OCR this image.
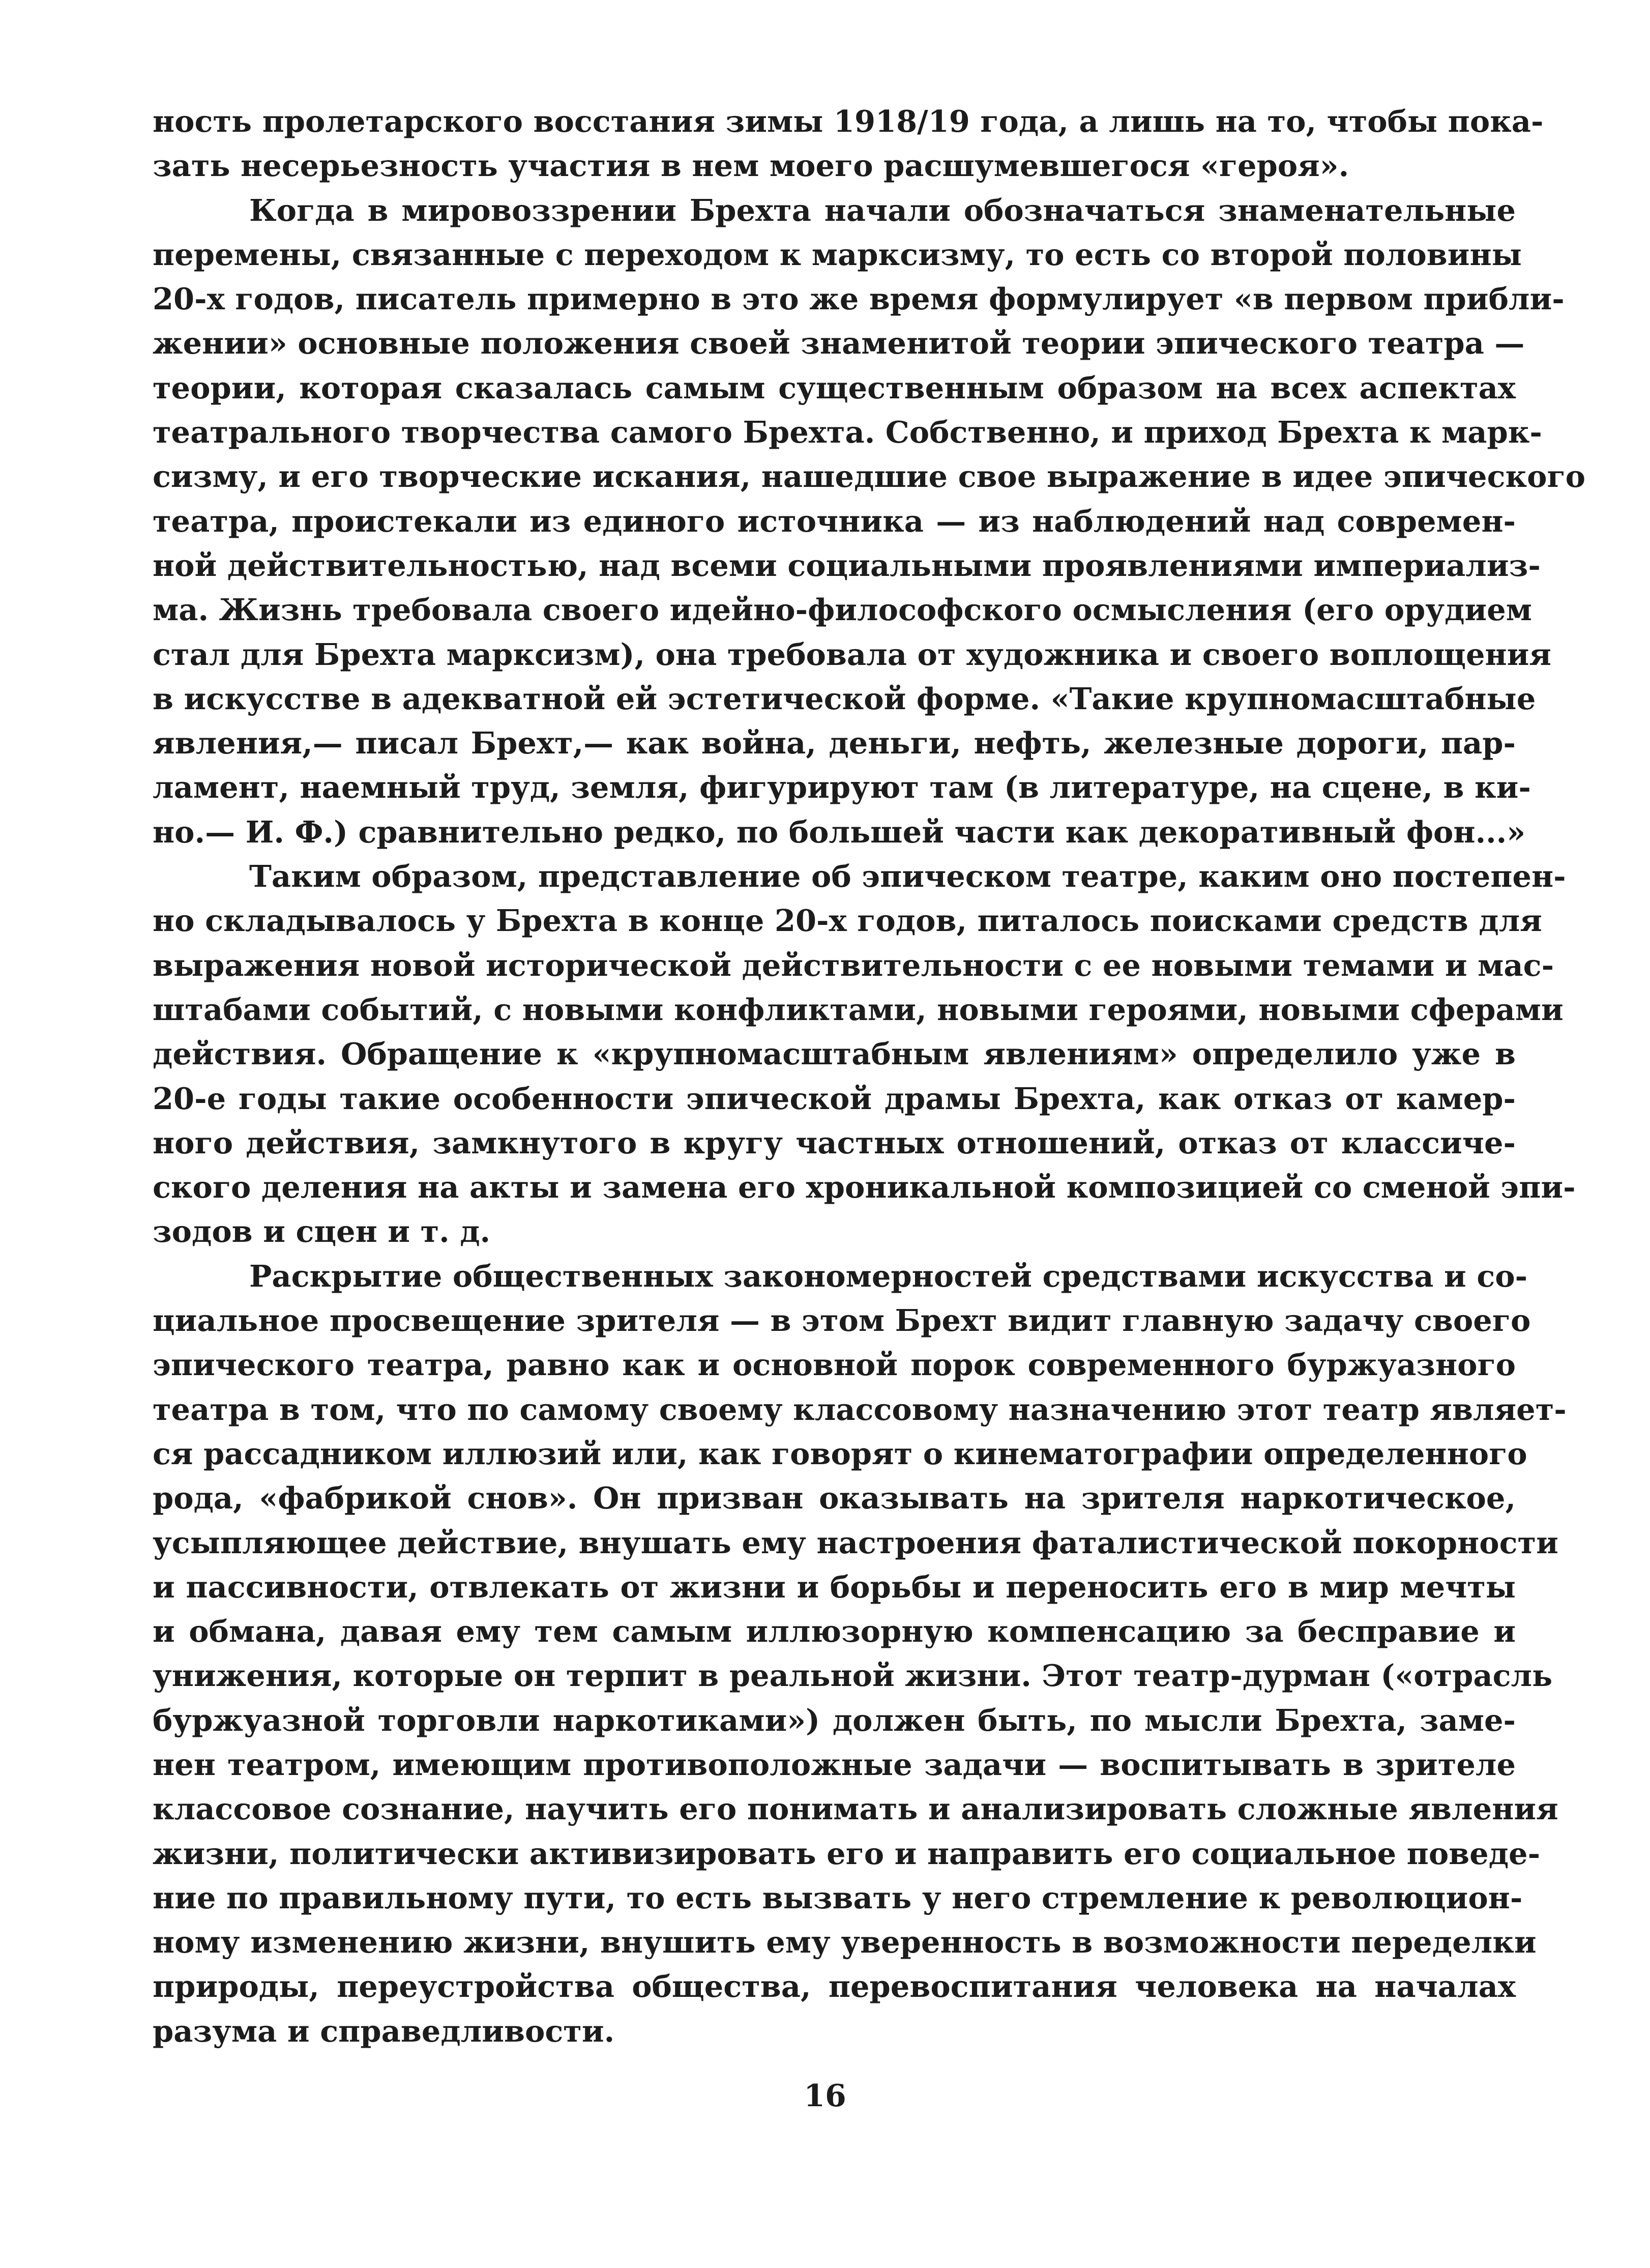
ность пролетарского восстания зимы 1918/19 года, а лишь на то, чтобы пока-
зать несерьезность участия в нем моего расшумевшегося «героя».
Когда в мировоззрении Брехта начали обозначаться знаменательные
перемены, связанные с переходом к марксизму, то есть со второй половины
20-х годов, писатель примерно в это же время формулирует «в первом прибли-
жении» основные положения своей знаменитой теории эпического театра —
теории, которая сказалась самым существенным образом на всех аспектах
театрального творчества самого Брехта. Собственно, и приход Брехта к марк-
сизму, и его творческие искания, нашедшие свое выражение в идее эпического
театра, проистекали из единого источника — из наблюдений над современ-
ной действительностью, над всеми социальными проявлениями империализ-
ма. Жизнь требовала своего идейно-философского осмысления (его орудием
стал для Брехта марксизм), она требовала от художника и своего воплощения
в искусстве в адекватной ей эстетической форме. «Такие крупномасштабные
явления,— писал Брехт,— как война, деньги, нефть, железные дороги, пар-
ламент, наемный труд, земля, фигурируют там (в литературе, на сцене, в ки-
но.— И. Ф.) сравнительно редко, по большей части как декоративный фон...»
Таким образом, представление об эпическом театре, каким оно постепен-
но складывалось у Брехта в конце 20-х годов, питалось поисками средств для
выражения новой исторической действительности с ее новыми темами и мас-
штабами событий, с новыми конфликтами, новыми героями, новыми сферами
действия. Обращение к «крупномасштабным явлениям» определило уже в
20-е годы такие особенности эпической драмы Брехта, как отказ от камер-
ного действия, замкнутого в кругу частных отношений, отказ от классиче-
ского деления на акты и замена его хроникальной композицией со сменой эпи-
зодов и сцен и т. д.
Раскрытие общественных закономерностей средствами искусства и со-
циальное просвещение зрителя — в этом Брехт видит главную задачу своего
эпического театра, равно как и основной порок современного буржуазного
театра в том, что по самому своему классовому назначению этот театр являет-
ся рассадником иллюзий или, как говорят о кинематографии определенного
рода, «фабрикой снов». Он призван оказывать на зрителя наркотическое,
усыпляющее действие, внушать ему настроения фаталистической покорности
и пассивности, отвлекать от жизни и борьбы и переносить его в мир мечты
и обмана, давая ему тем самым иллюзорную компенсацию за бесправие и
унижения, которые он терпит в реальной жизни. Этот театр-дурман («отрасль
буржуазной торговли наркотиками») должен быть, по мысли Брехта, заме-
нен театром, имеющим противоположные задачи — воспитывать в зрителе
классовое сознание, научить его понимать и анализировать сложные явления
жизни, политически активизировать его и направить его социальное поведе-
ние по правильному пути, то есть вызвать у него стремление к революцион-
ному изменению жизни, внушить ему уверенность в возможности переделки
природы, переустройства общества, перевоспитания человека на началах
разума и справедливости.
16
